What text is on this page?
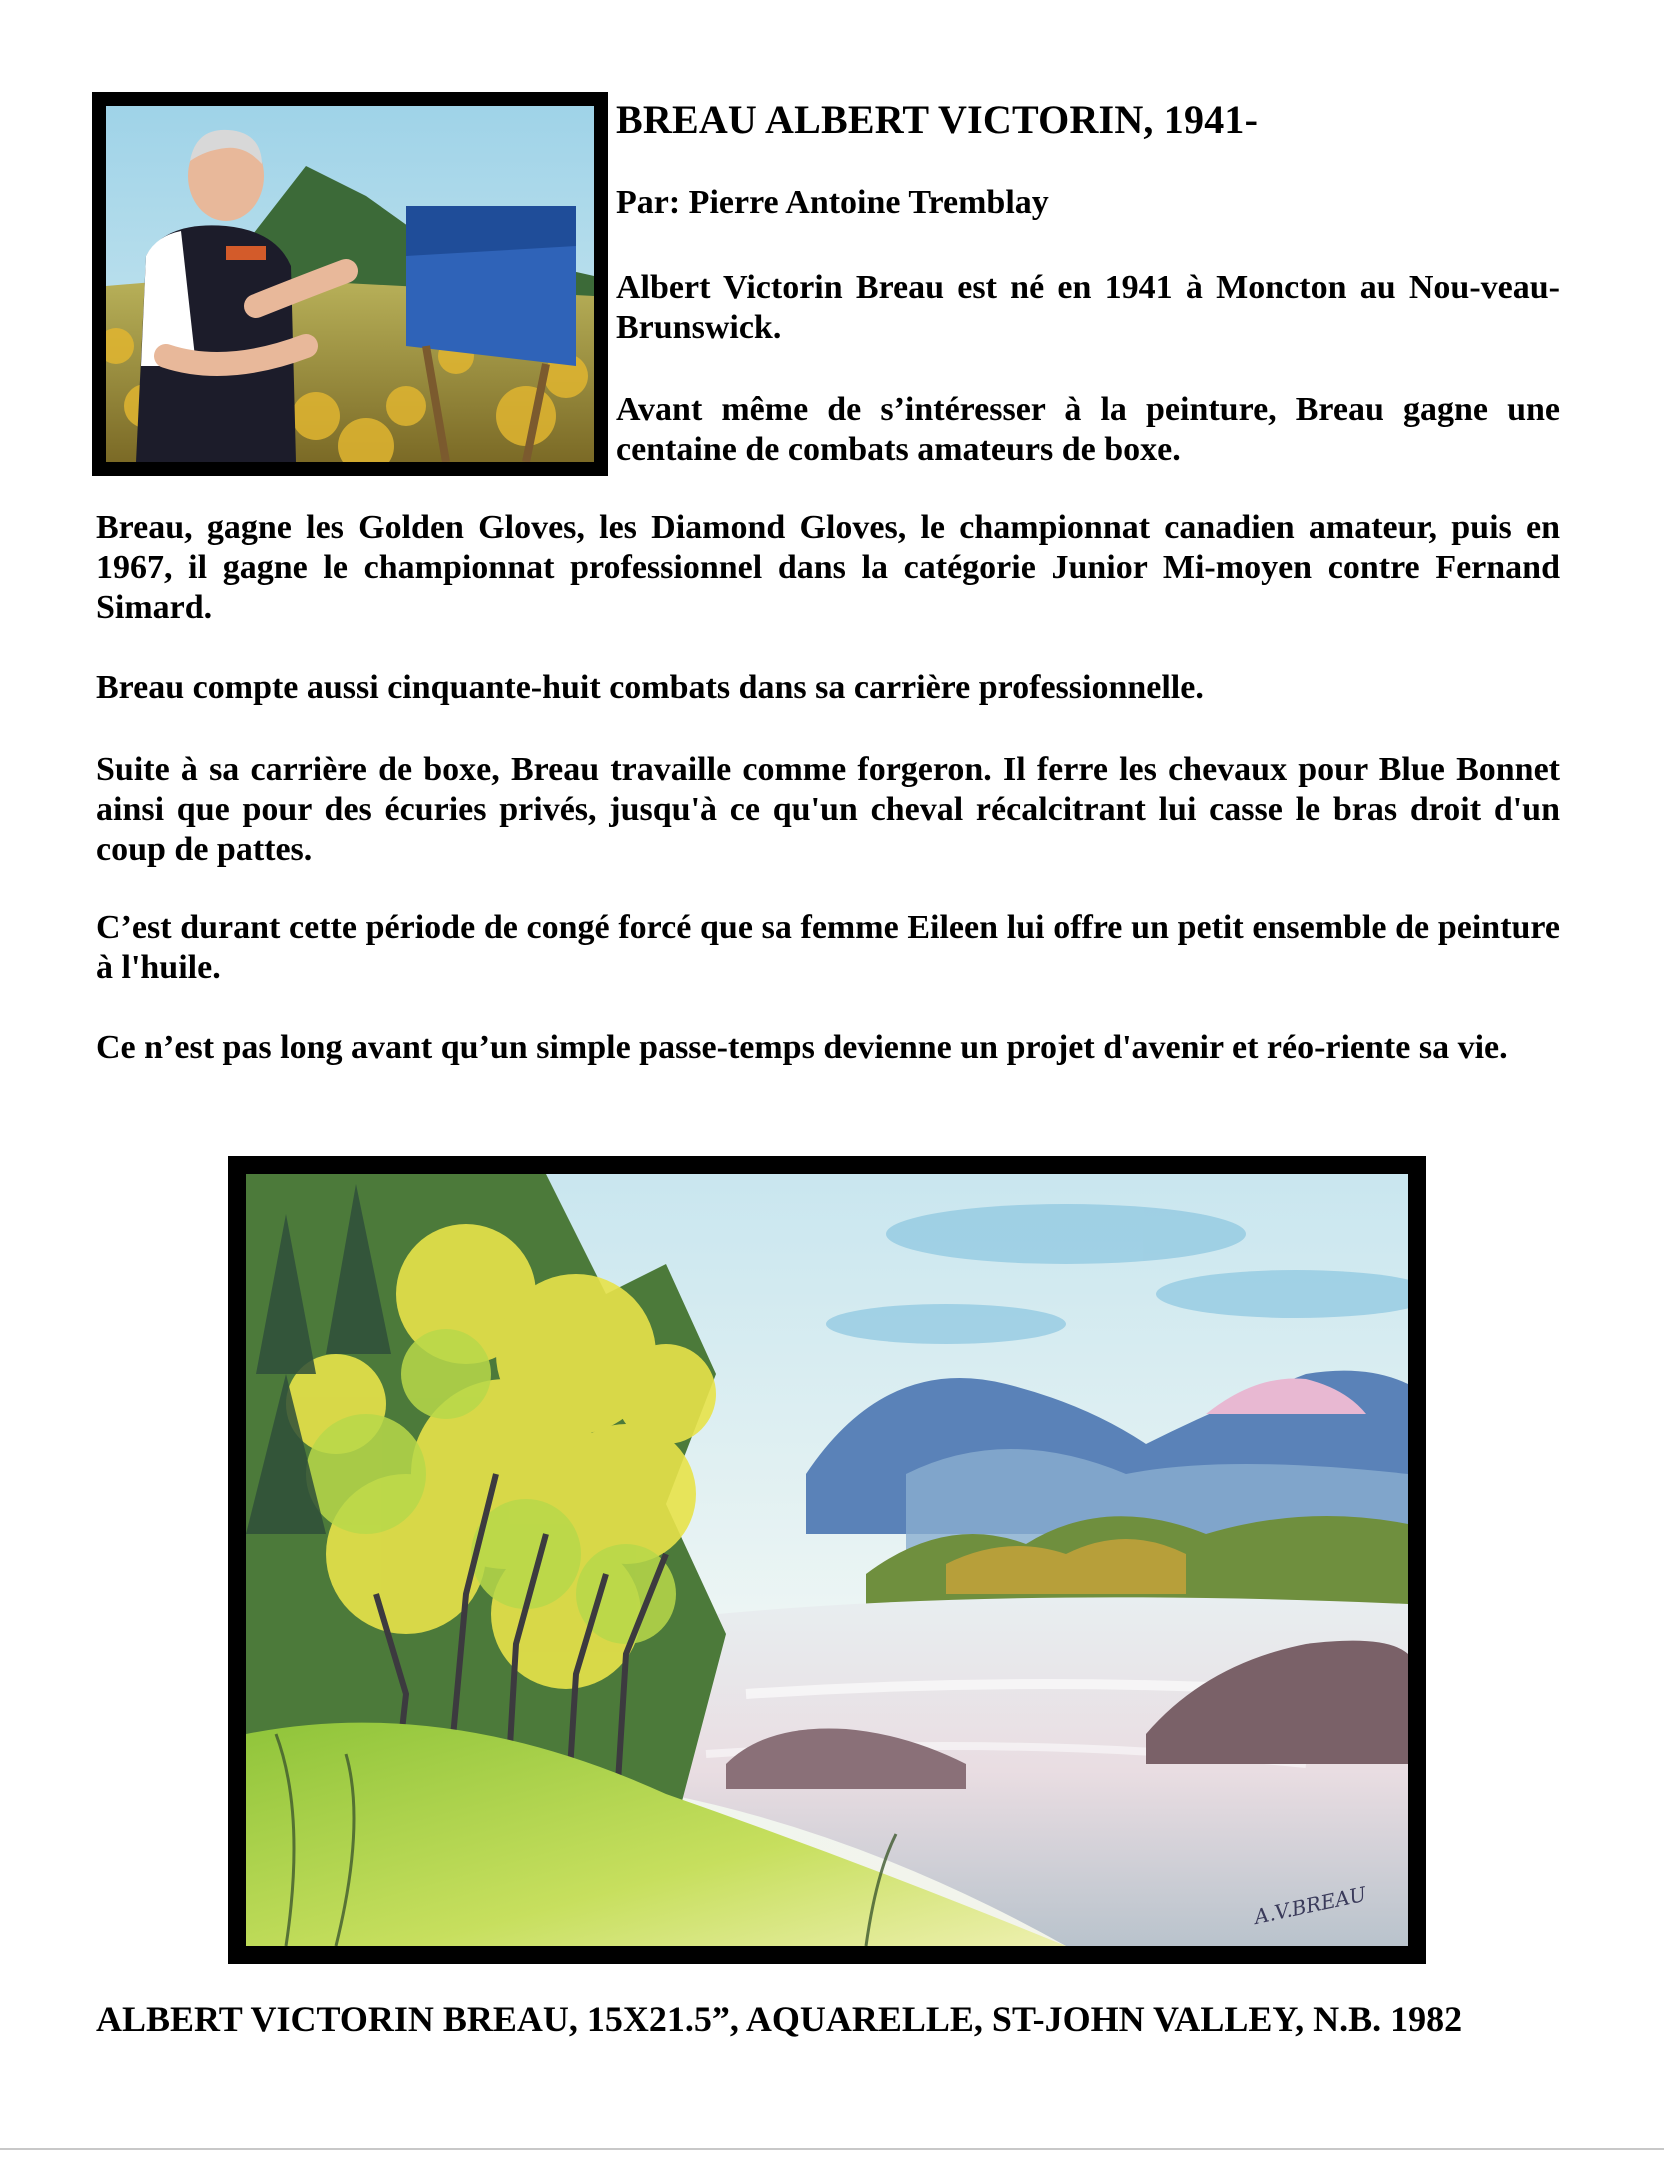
BREAU ALBERT VICTORIN, 1941-
Par: Pierre Antoine Tremblay

Albert Victorin Breau est né en 1941 à Moncton au Nou-veau-Brunswick.

Avant même de s’intéresser à la peinture, Breau gagne une centaine de combats amateurs de boxe.

Breau, gagne les Golden Gloves, les Diamond Gloves, le championnat canadien amateur, puis en 1967, il gagne le championnat professionnel dans la catégorie Junior Mi-moyen contre Fernand Simard.

Breau compte aussi cinquante-huit combats dans sa carrière professionnelle.

Suite à sa carrière de boxe, Breau travaille comme forgeron. Il ferre les chevaux pour Blue Bonnet ainsi que pour des écuries privés, jusqu'à ce qu'un cheval récalcitrant lui casse le bras droit d'un coup de pattes.

C’est durant cette période de congé forcé que sa femme Eileen lui offre un petit ensemble de peinture à l'huile.

Ce n’est pas long avant qu’un simple passe-temps devienne un projet d'avenir et réo-riente sa vie.

A.V.BREAU
ALBERT VICTORIN BREAU, 15X21.5”, AQUARELLE, ST-JOHN VALLEY, N.B. 1982
